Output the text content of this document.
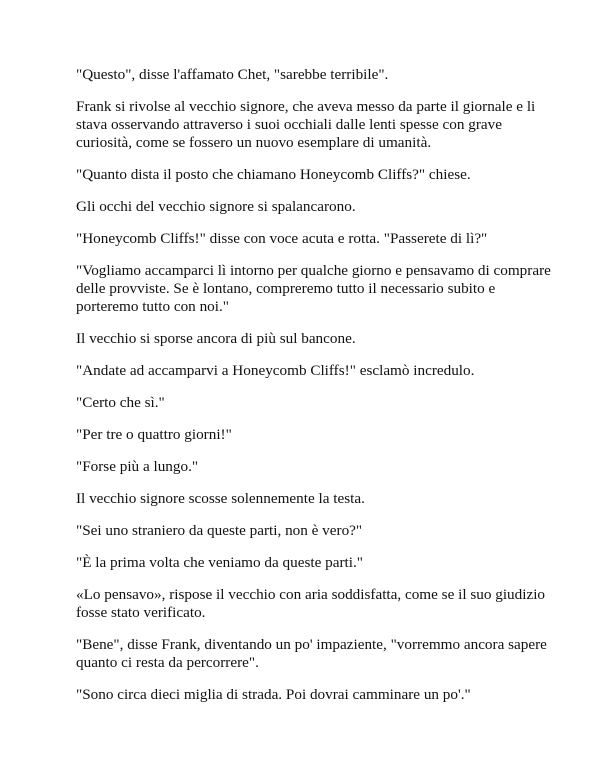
"Questo", disse l'affamato Chet, "sarebbe terribile".

Frank si rivolse al vecchio signore, che aveva messo da parte il giornale e li stava osservando attraverso i suoi occhiali dalle lenti spesse con grave curiosità, come se fossero un nuovo esemplare di umanità.

"Quanto dista il posto che chiamano Honeycomb Cliffs?" chiese.

Gli occhi del vecchio signore si spalancarono.

"Honeycomb Cliffs!" disse con voce acuta e rotta. "Passerete di lì?"

"Vogliamo accamparci lì intorno per qualche giorno e pensavamo di comprare delle provviste. Se è lontano, compreremo tutto il necessario subito e porteremo tutto con noi."

Il vecchio si sporse ancora di più sul bancone.

"Andate ad accamparvi a Honeycomb Cliffs!" esclamò incredulo.

"Certo che sì."

"Per tre o quattro giorni!"

"Forse più a lungo."

Il vecchio signore scosse solennemente la testa.

"Sei uno straniero da queste parti, non è vero?"

"È la prima volta che veniamo da queste parti."

«Lo pensavo», rispose il vecchio con aria soddisfatta, come se il suo giudizio fosse stato verificato.

"Bene", disse Frank, diventando un po' impaziente, "vorremmo ancora sapere quanto ci resta da percorrere".

"Sono circa dieci miglia di strada. Poi dovrai camminare un po'."
